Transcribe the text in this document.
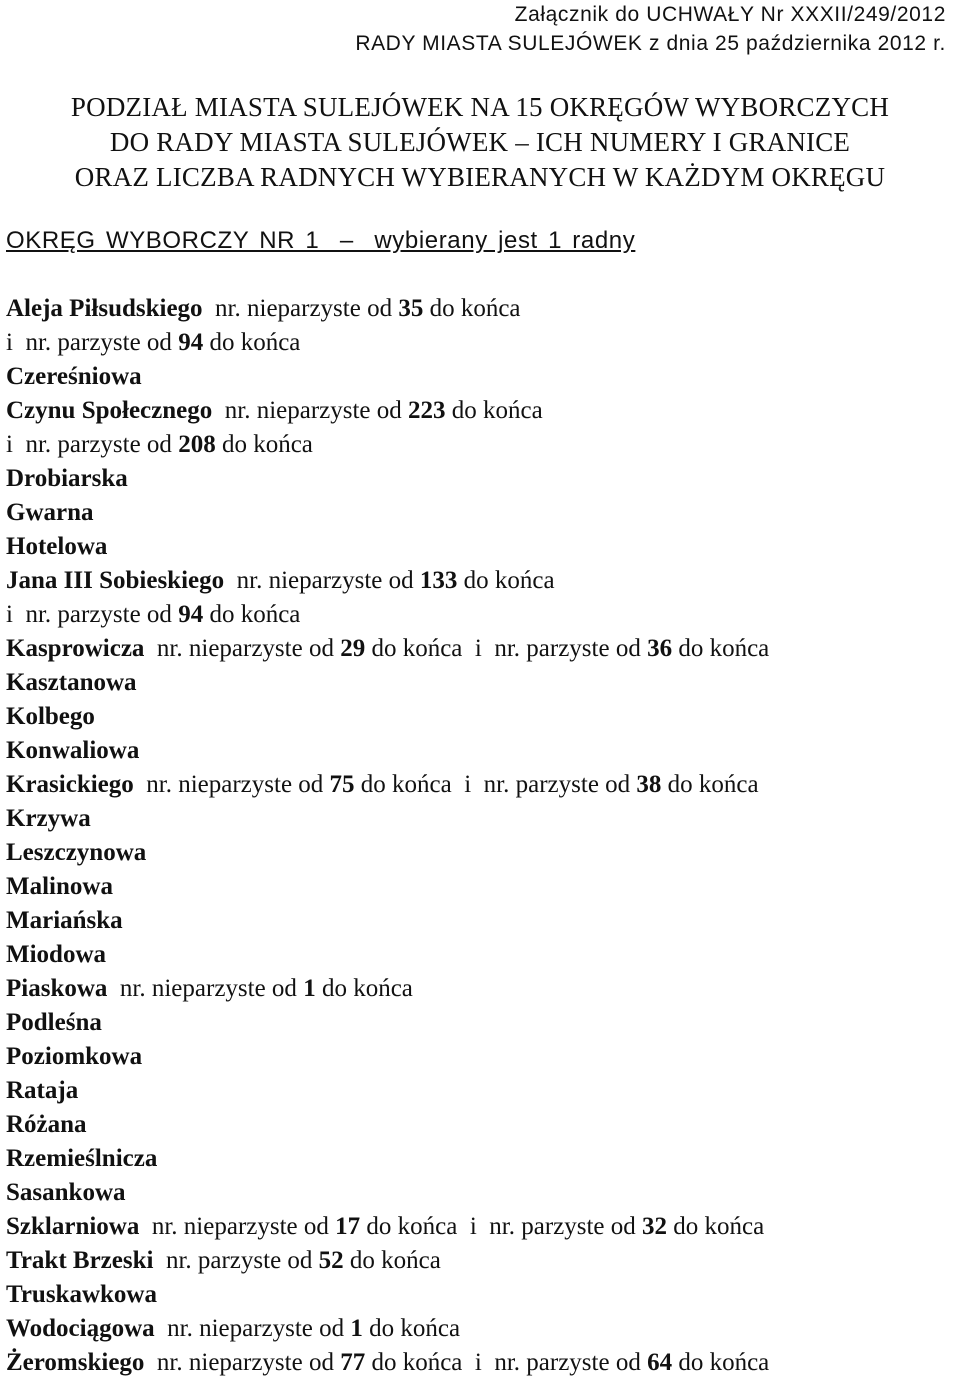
Załącznik do UCHWAŁY Nr XXXII/249/2012
RADY MIASTA SULEJÓWEK z dnia 25 października 2012 r.
PODZIAŁ MIASTA SULEJÓWEK NA 15 OKRĘGÓW WYBORCZYCH
DO RADY MIASTA SULEJÓWEK – ICH NUMERY I GRANICE
ORAZ LICZBA RADNYCH WYBIERANYCH W KAŻDYM OKRĘGU
OKRĘG WYBORCZY NR 1  –  wybierany jest 1 radny
Aleja Piłsudskiego  nr. nieparzyste od 35 do końca
i  nr. parzyste od 94 do końca
Czereśniowa
Czynu Społecznego  nr. nieparzyste od 223 do końca
i  nr. parzyste od 208 do końca
Drobiarska
Gwarna
Hotelowa
Jana III Sobieskiego  nr. nieparzyste od 133 do końca
i  nr. parzyste od 94 do końca
Kasprowicza  nr. nieparzyste od 29 do końca  i  nr. parzyste od 36 do końca
Kasztanowa
Kolbego
Konwaliowa
Krasickiego  nr. nieparzyste od 75 do końca  i  nr. parzyste od 38 do końca
Krzywa
Leszczynowa
Malinowa
Mariańska
Miodowa
Piaskowa  nr. nieparzyste od 1 do końca
Podleśna
Poziomkowa
Rataja
Różana
Rzemieślnicza
Sasankowa
Szklarniowa  nr. nieparzyste od 17 do końca  i  nr. parzyste od 32 do końca
Trakt Brzeski  nr. parzyste od 52 do końca
Truskawkowa
Wodociągowa  nr. nieparzyste od 1 do końca
Żeromskiego  nr. nieparzyste od 77 do końca  i  nr. parzyste od 64 do końca
